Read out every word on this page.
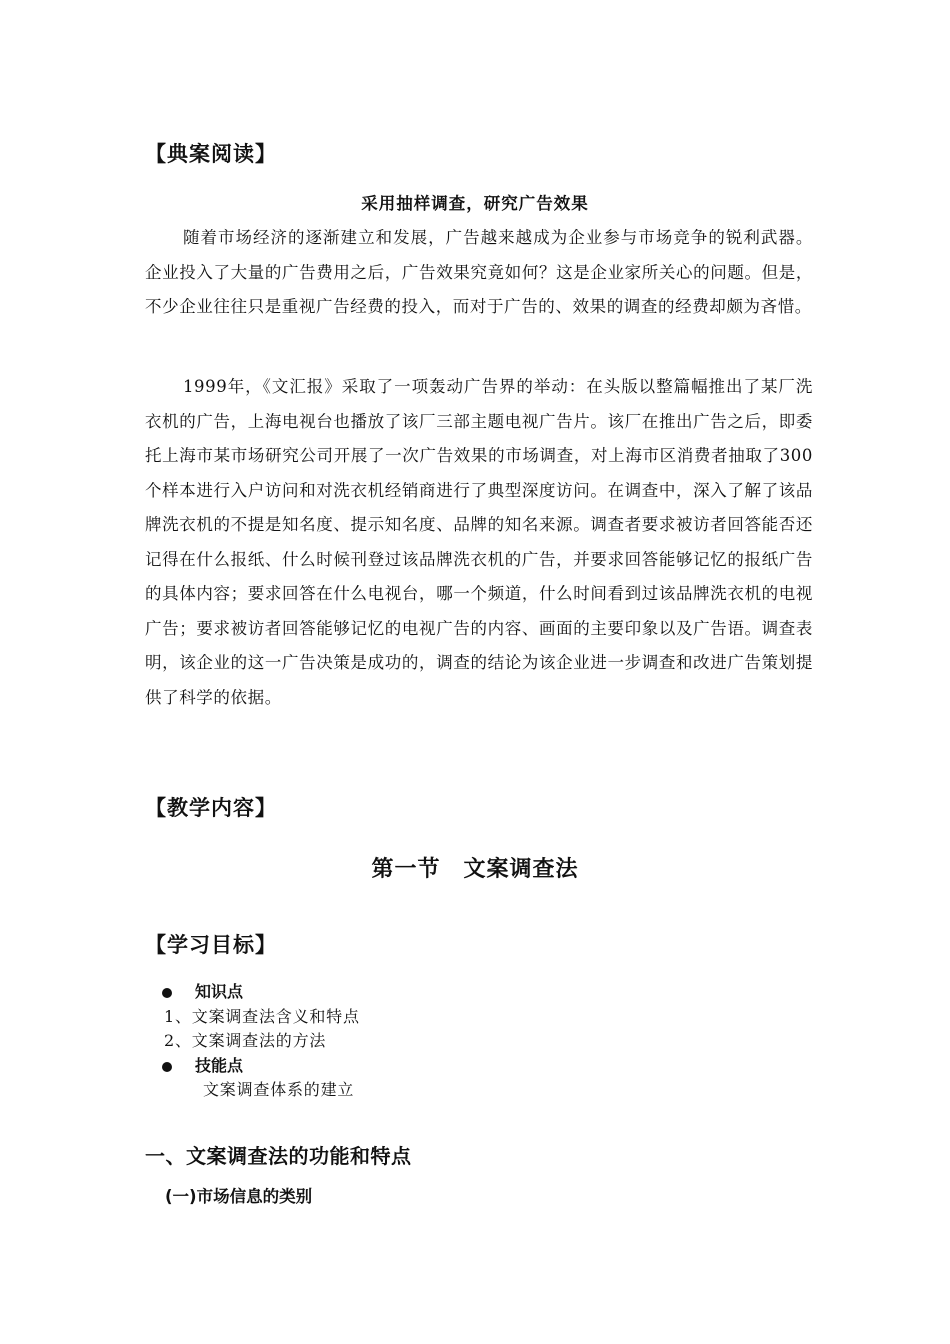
【典案阅读】
采用抽样调查，研究广告效果
随着市场经济的逐渐建立和发展，广告越来越成为企业参与市场竞争的锐利武器。企业投入了大量的广告费用之后，广告效果究竟如何？这是企业家所关心的问题。但是，不少企业往往只是重视广告经费的投入，而对于广告的、效果的调查的经费却颇为吝惜。
1999年，《文汇报》采取了一项轰动广告界的举动：在头版以整篇幅推出了某厂洗衣机的广告，上海电视台也播放了该厂三部主题电视广告片。该厂在推出广告之后，即委托上海市某市场研究公司开展了一次广告效果的市场调查，对上海市区消费者抽取了300个样本进行入户访问和对洗衣机经销商进行了典型深度访问。在调查中，深入了解了该品牌洗衣机的不提是知名度、提示知名度、品牌的知名来源。调查者要求被访者回答能否还记得在什么报纸、什么时候刊登过该品牌洗衣机的广告，并要求回答能够记忆的报纸广告的具体内容；要求回答在什么电视台，哪一个频道，什么时间看到过该品牌洗衣机的电视广告；要求被访者回答能够记忆的电视广告的内容、画面的主要印象以及广告语。调查表明，该企业的这一广告决策是成功的，调查的结论为该企业进一步调查和改进广告策划提供了科学的依据。
【教学内容】
第一节　文案调查法
【学习目标】
知识点
1、文案调查法含义和特点
2、文案调查法的方法
技能点
文案调查体系的建立
一、文案调查法的功能和特点
(一)市场信息的类别
